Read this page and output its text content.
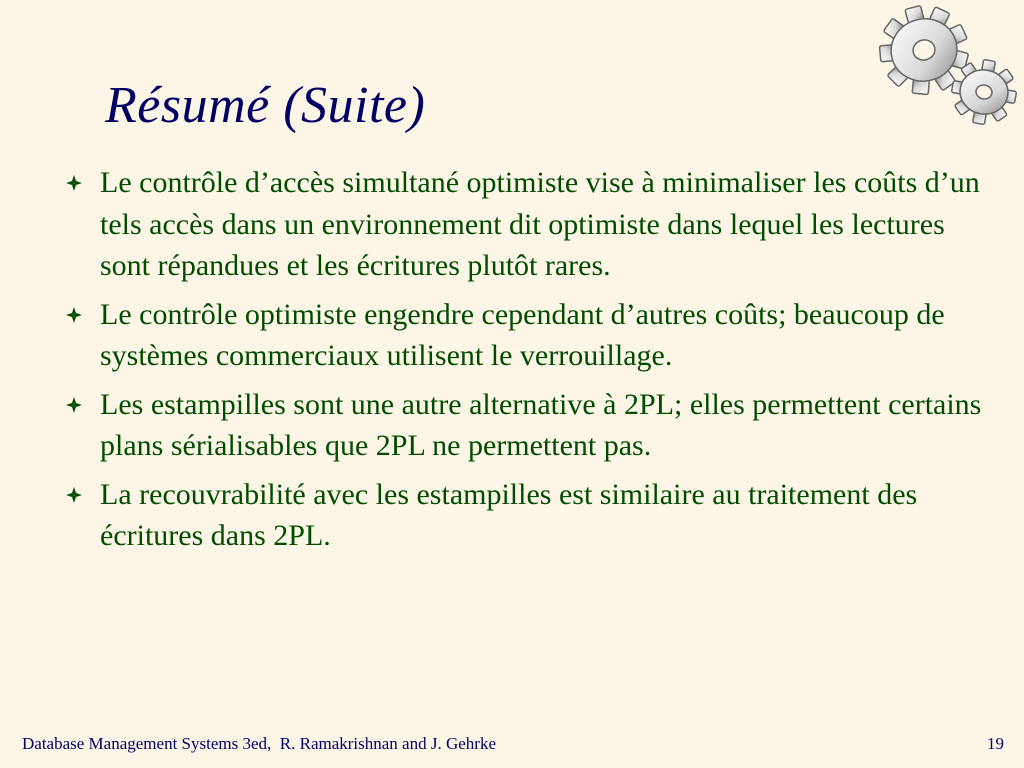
Résumé (Suite)
Le contrôle d’accès simultané optimiste vise à minimaliser les coûts d’un tels accès dans un environnement dit optimiste dans lequel les lectures sont répandues et les écritures plutôt rares.
Le contrôle optimiste engendre cependant d’autres coûts; beaucoup de systèmes commerciaux utilisent le verrouillage.
Les estampilles sont une autre alternative à 2PL; elles permettent certains plans sérialisables que 2PL ne permettent pas.
La recouvrabilité avec les estampilles est similaire au traitement des écritures dans 2PL.
Database Management Systems 3ed,  R. Ramakrishnan and J. Gehrke	19
